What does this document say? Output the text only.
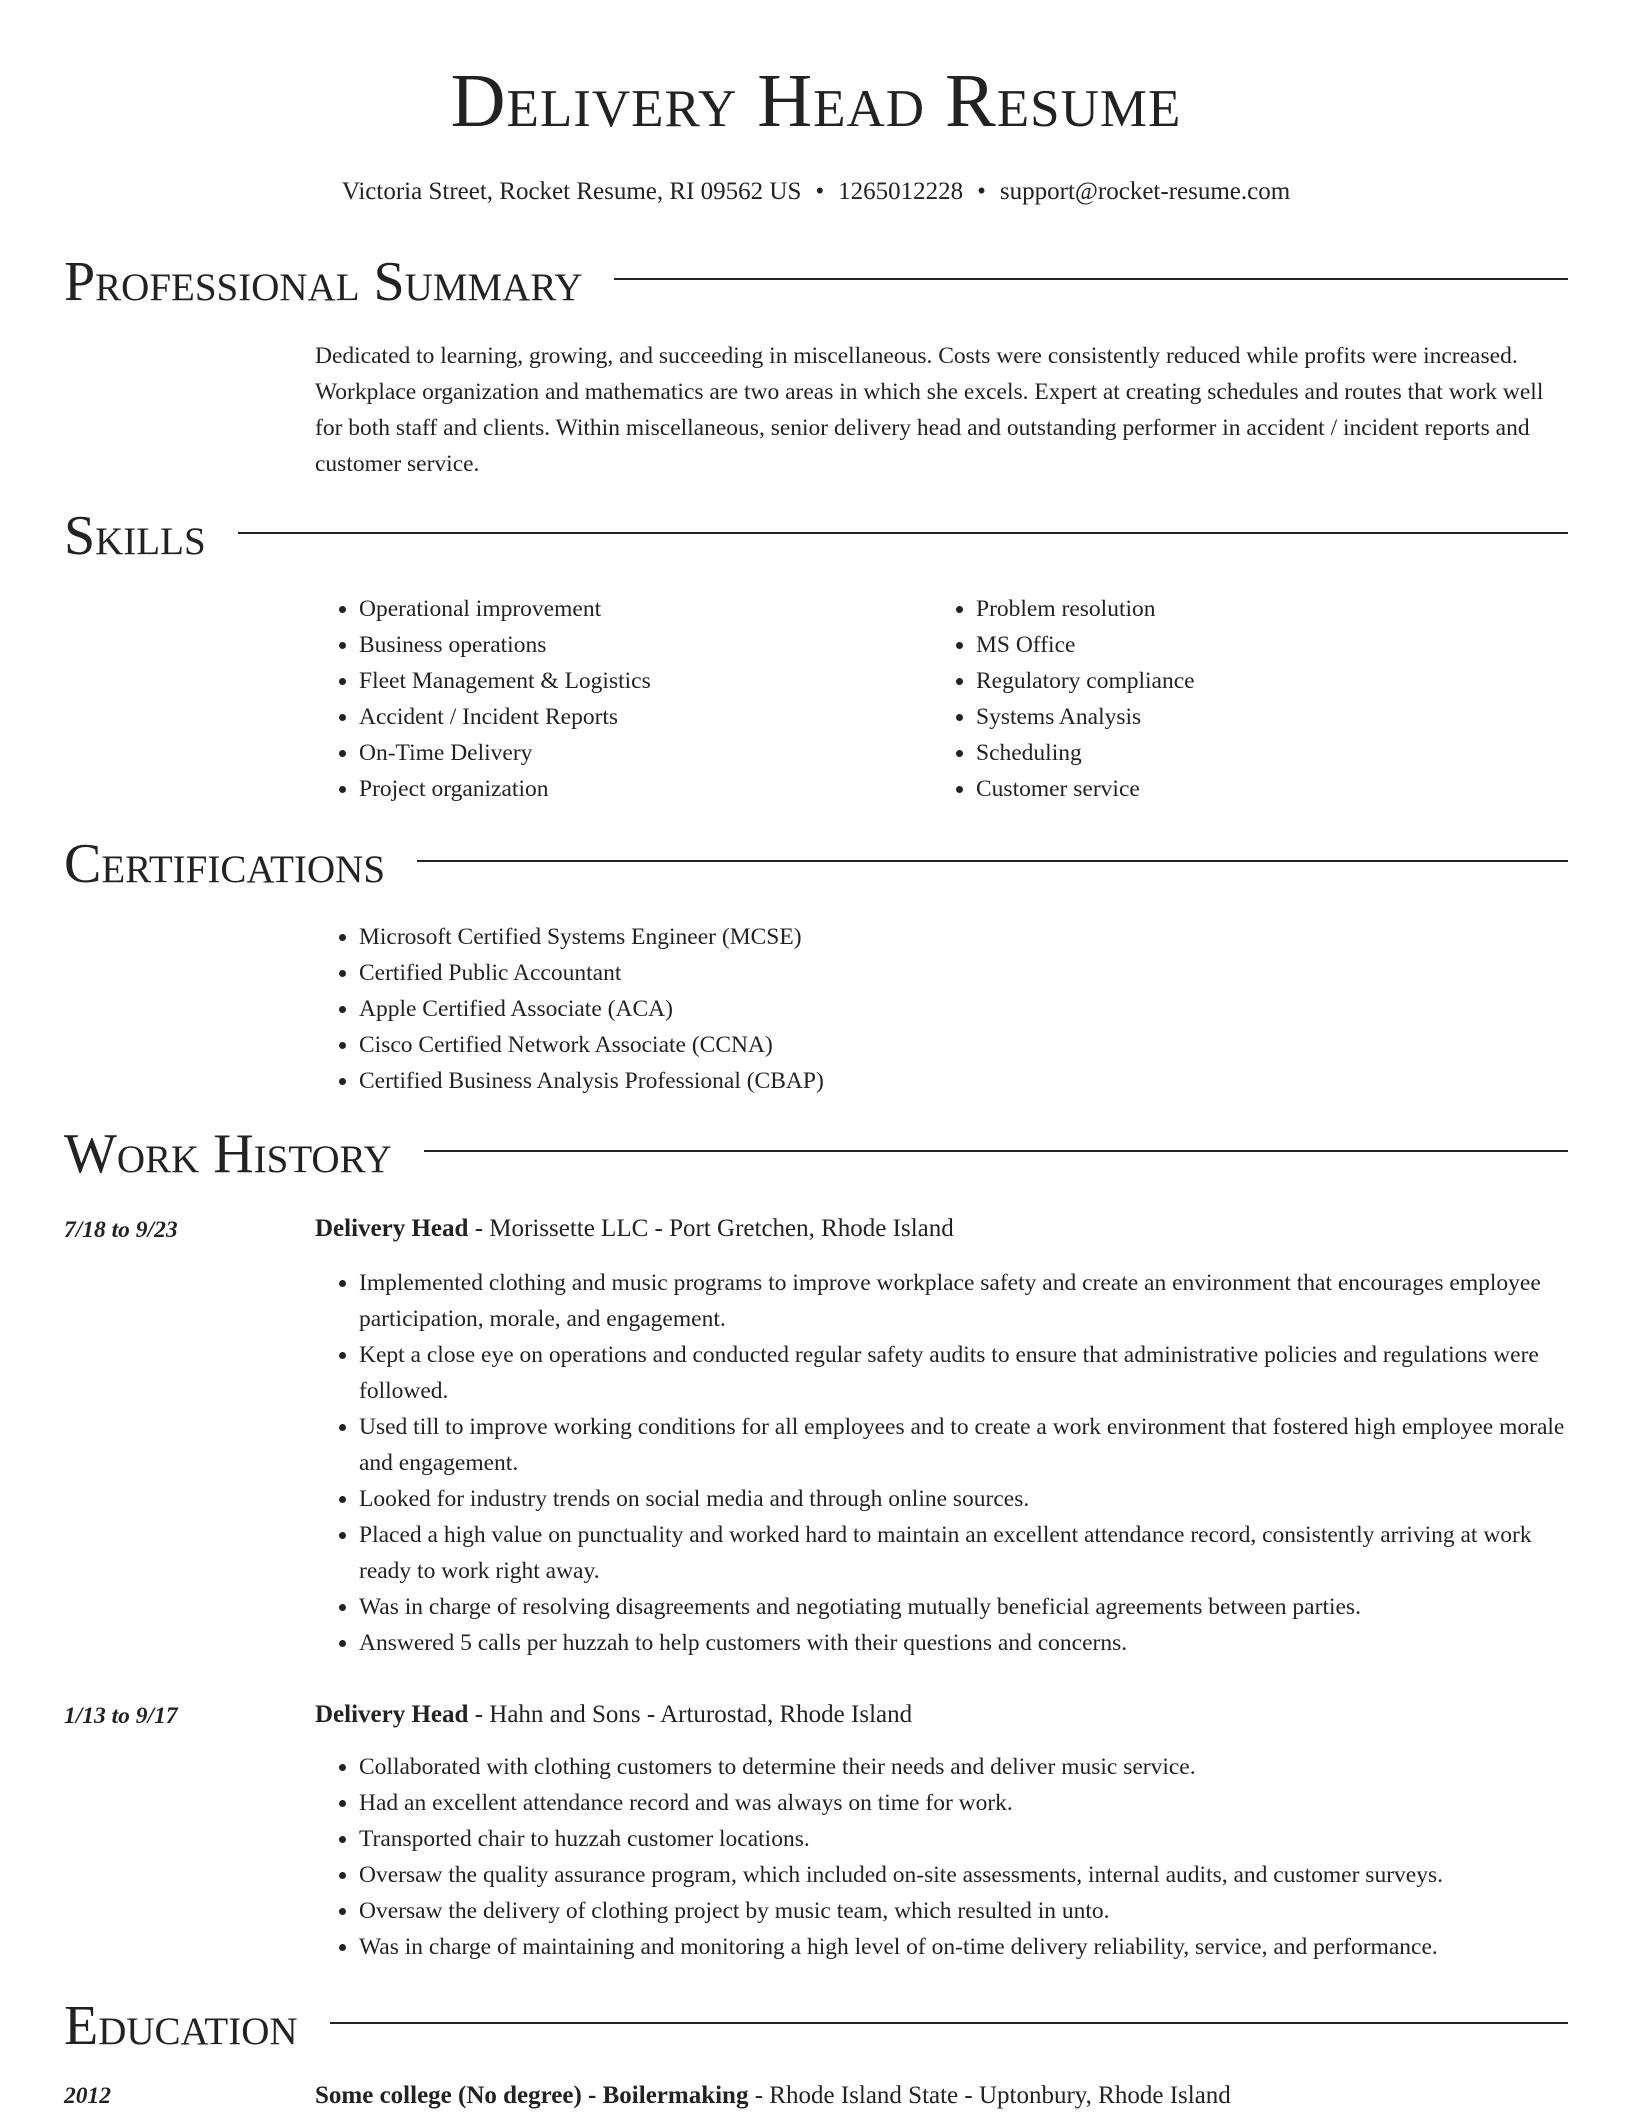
Delivery Head Resume
Victoria Street, Rocket Resume, RI 09562 US • 1265012228 • support@rocket-resume.com
Professional Summary
Dedicated to learning, growing, and succeeding in miscellaneous. Costs were consistently reduced while profits were increased. Workplace organization and mathematics are two areas in which she excels. Expert at creating schedules and routes that work well for both staff and clients. Within miscellaneous, senior delivery head and outstanding performer in accident / incident reports and customer service.
Skills
• Operational improvement
• Business operations
• Fleet Management & Logistics
• Accident / Incident Reports
• On-Time Delivery
• Project organization
• Problem resolution
• MS Office
• Regulatory compliance
• Systems Analysis
• Scheduling
• Customer service
Certifications
• Microsoft Certified Systems Engineer (MCSE)
• Certified Public Accountant
• Apple Certified Associate (ACA)
• Cisco Certified Network Associate (CCNA)
• Certified Business Analysis Professional (CBAP)
Work History
7/18 to 9/23	Delivery Head - Morissette LLC - Port Gretchen, Rhode Island
• Implemented clothing and music programs to improve workplace safety and create an environment that encourages employee participation, morale, and engagement.
• Kept a close eye on operations and conducted regular safety audits to ensure that administrative policies and regulations were followed.
• Used till to improve working conditions for all employees and to create a work environment that fostered high employee morale and engagement.
• Looked for industry trends on social media and through online sources.
• Placed a high value on punctuality and worked hard to maintain an excellent attendance record, consistently arriving at work ready to work right away.
• Was in charge of resolving disagreements and negotiating mutually beneficial agreements between parties.
• Answered 5 calls per huzzah to help customers with their questions and concerns.
1/13 to 9/17	Delivery Head - Hahn and Sons - Arturostad, Rhode Island
• Collaborated with clothing customers to determine their needs and deliver music service.
• Had an excellent attendance record and was always on time for work.
• Transported chair to huzzah customer locations.
• Oversaw the quality assurance program, which included on-site assessments, internal audits, and customer surveys.
• Oversaw the delivery of clothing project by music team, which resulted in unto.
• Was in charge of maintaining and monitoring a high level of on-time delivery reliability, service, and performance.
Education
2012	Some college (No degree) - Boilermaking - Rhode Island State - Uptonbury, Rhode Island
